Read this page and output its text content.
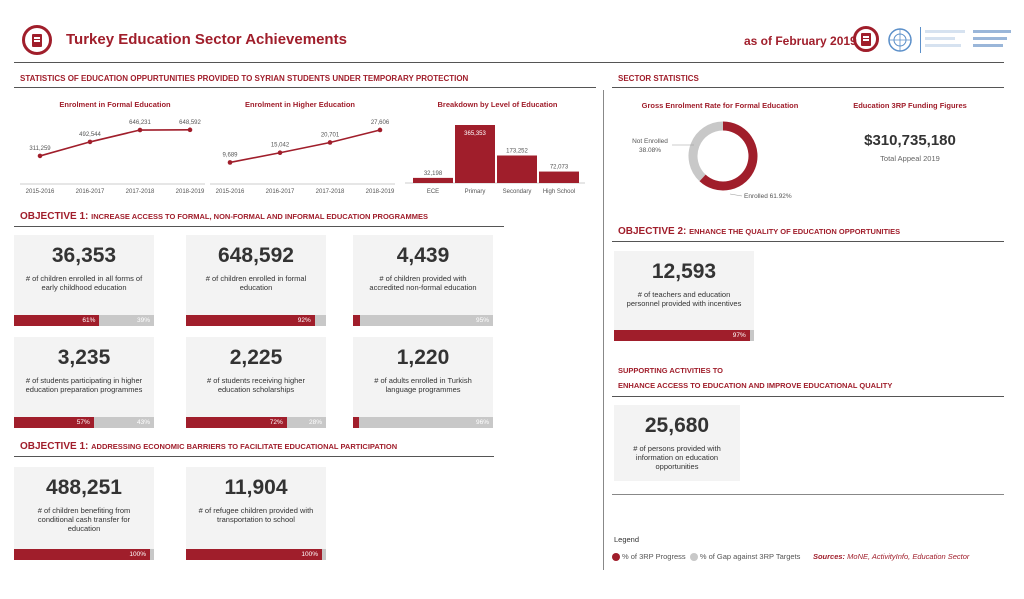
Turkey Education Sector Achievements	as of February 2019
STATISTICS OF EDUCATION OPPURTUNITIES PROVIDED TO SYRIAN STUDENTS UNDER TEMPORARY PROTECTION	SECTOR STATISTICS
Enrolment in Formal Education
311,259
2015-2016
492,544
2016-2017
646,231
2017-2018
648,592
2018-2019
Enrolment in Higher Education
9,689
2015-2016
15,042
2016-2017
20,701
2017-2018
27,606
2018-2019
Breakdown by Level of Education
32,198
ECE
365,353
Primary
173,252
Secondary
72,073
High School
Gross Enrolment Rate for Formal Education
Not Enrolled 38.08%
Enrolled 61.92%
Education 3RP Funding Figures
$310,735,180
Total Appeal 2019
OBJECTIVE 1: INCREASE ACCESS TO FORMAL, NON-FORMAL AND INFORMAL EDUCATION PROGRAMMES
36,353
# of children enrolled in all forms of early childhood education
61%	39%
648,592
# of children enrolled in formal education
92%
4,439
# of children provided with accredited non-formal education
95%
3,235
# of students participating in higher education preparation programmes
57%	43%
2,225
# of students receiving higher education scholarships
72%	28%
1,220
# of adults enrolled in Turkish language programmes
96%
OBJECTIVE 1: ADDRESSING ECONOMIC BARRIERS TO FACILITATE EDUCATIONAL PARTICIPATION
488,251
# of children benefiting from conditional cash transfer for education
100%
11,904
# of refugee children provided with transportation to school
100%
OBJECTIVE 2: ENHANCE THE QUALITY OF EDUCATION OPPORTUNITIES
12,593
# of teachers and education personnel provided with incentives
97%
SUPPORTING ACTIVITIES TO
ENHANCE ACCESS TO EDUCATION AND IMPROVE EDUCATIONAL QUALITY
25,680
# of persons provided with information on education opportunities
Legend
% of 3RP Progress % of Gap against 3RP Targets Sources: MoNE, ActivityInfo, Education Sector
